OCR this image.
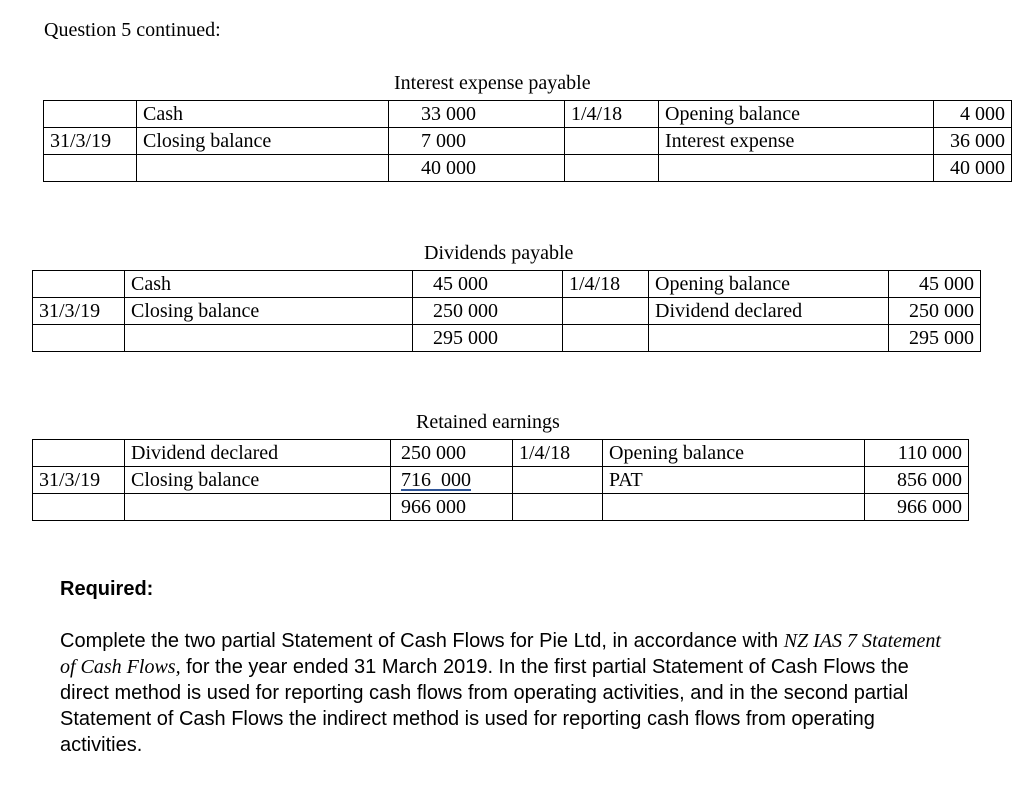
Question 5 continued:
Interest expense payable
	Cash	33 000	1/4/18	Opening balance	4 000
31/3/19	Closing balance	7 000		Interest expense	36 000
		40 000			40 000
Dividends payable
	Cash	45 000	1/4/18	Opening balance	45 000
31/3/19	Closing balance	250 000		Dividend declared	250 000
		295 000			295 000
Retained earnings
	Dividend declared	250 000	1/4/18	Opening balance	110 000
31/3/19	Closing balance	716  000		PAT	856 000
		966 000			966 000
Required:
Complete the two partial Statement of Cash Flows for Pie Ltd, in accordance with NZ IAS 7 Statement of Cash Flows, for the year ended 31 March 2019. In the first partial Statement of Cash Flows the direct method is used for reporting cash flows from operating activities, and in the second partial Statement of Cash Flows the indirect method is used for reporting cash flows from operating activities.
